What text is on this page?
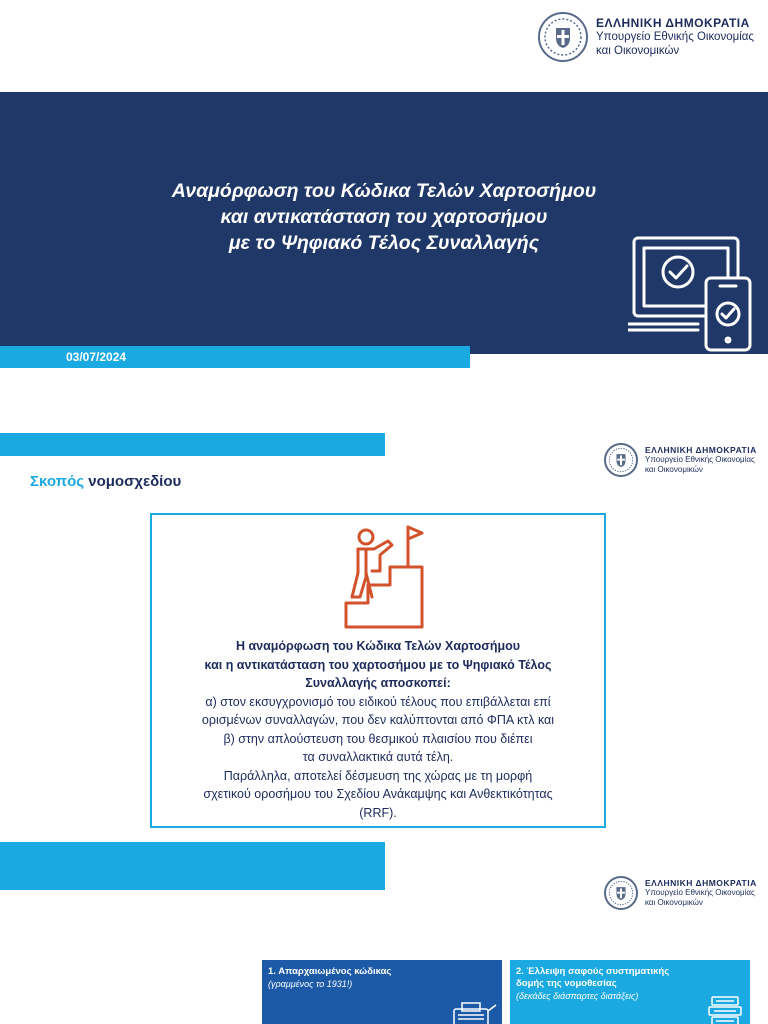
ΕΛΛΗΝΙΚΗ ΔΗΜΟΚΡΑΤΙΑ
Υπουργείο Εθνικής Οικονομίας
και Οικονομικών
Αναμόρφωση του Κώδικα Τελών Χαρτοσήμου
και αντικατάσταση του χαρτοσήμου
με το Ψηφιακό Τέλος Συναλλαγής
03/07/2024
ΕΛΛΗΝΙΚΗ ΔΗΜΟΚΡΑΤΙΑ
Υπουργείο Εθνικής Οικονομίας
και Οικονομικών
Σκοπός νομοσχεδίου
Η αναμόρφωση του Κώδικα Τελών Χαρτοσήμου
και η αντικατάσταση του χαρτοσήμου με το Ψηφιακό Τέλος
Συναλλαγής αποσκοπεί:
α) στον εκσυγχρονισμό του ειδικού τέλους που επιβάλλεται επί
ορισμένων συναλλαγών, που δεν καλύπτονται από ΦΠΑ κτλ και
β) στην απλούστευση του θεσμικού πλαισίου που διέπει
τα συναλλακτικά αυτά τέλη.
Παράλληλα, αποτελεί δέσμευση της χώρας με τη μορφή
σχετικού οροσήμου του Σχεδίου Ανάκαμψης και Ανθεκτικότητας
(RRF).
ΕΛΛΗΝΙΚΗ ΔΗΜΟΚΡΑΤΙΑ
Υπουργείο Εθνικής Οικονομίας
και Οικονομικών
1. Απαρχαιωμένος κώδικας
(γραμμένος το 1931!)
2. Έλλειψη σαφούς συστηματικής
δομής της νομοθεσίας
(δεκάδες διάσπαρτες διατάξεις)
